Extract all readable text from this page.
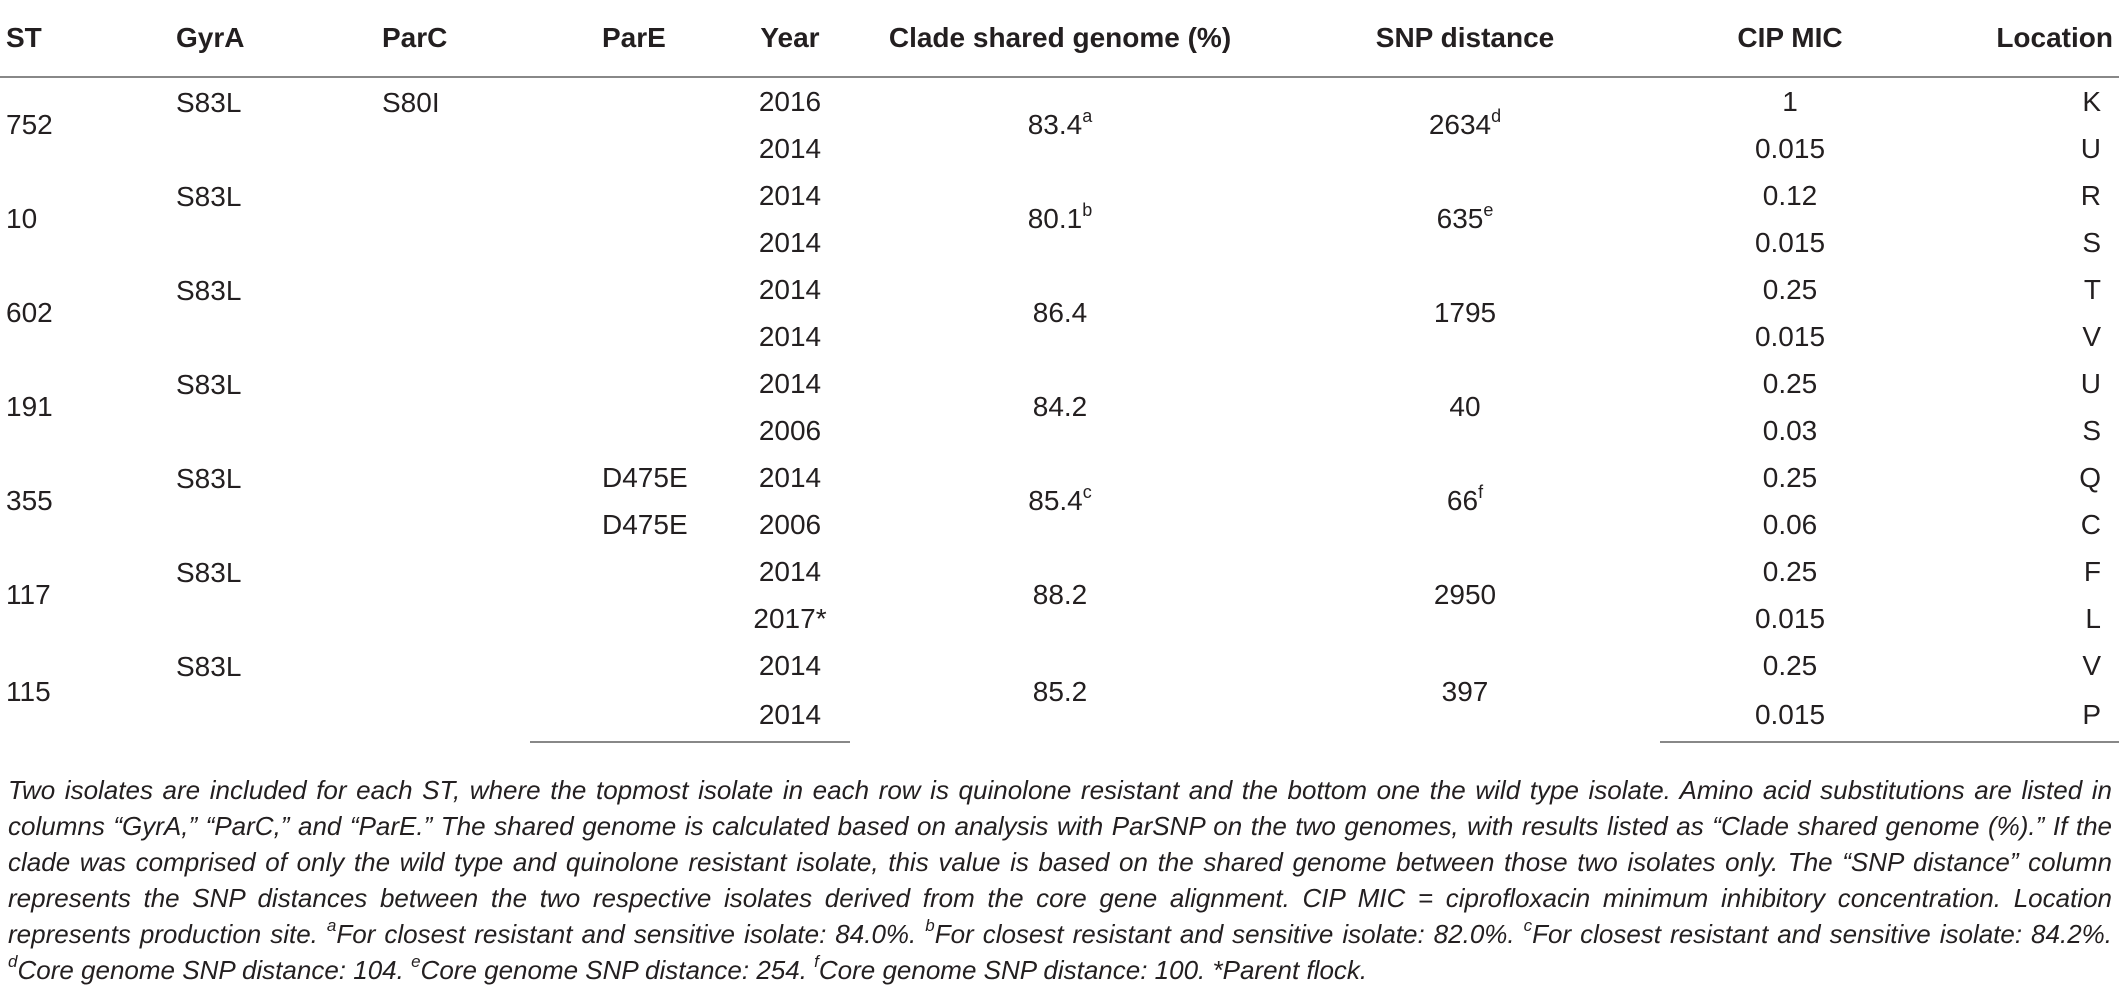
ST	GyrA	ParC	ParE	Year	Clade shared genome (%)	SNP distance	CIP MIC	Location
752	S83L	S80I		2016	83.4$^a$	2634$^d$	1	K
				2014			0.015	U
10	S83L			2014	80.1$^b$	635e	0.12	R
				2014			0.015	S
602	S83L			2014	86.4	1795	0.25	T
				2014			0.015	V
191	S83L			2014	84.2	40	0.25	U
				2006			0.03	S
355	S83L		D475E	2014	85.4$^c$	66$^f$	0.25	Q
			D475E	2006			0.06	C
117	S83L			2014	88.2	2950	0.25	F
				2017*			0.015	L
115	S83L			2014	85.2	397	0.25	V
				2014			0.015	P

Two isolates are included for each ST, where the topmost isolate in each row is quinolone resistant and the bottom one the wild type isolate. Amino acid substitutions are listed in columns “GyrA,” “ParC,” and “ParE.” The shared genome is calculated based on analysis with ParSNP on the two genomes, with results listed as “Clade shared genome (%).” If the clade was comprised of only the wild type and quinolone resistant isolate, this value is based on the shared genome between those two isolates only. The “SNP distance” column represents the SNP distances between the two respective isolates derived from the core gene alignment. CIP MIC = ciprofloxacin minimum inhibitory concentration. Location represents production site. $^a$For closest resistant and sensitive isolate: 84.0%. $^b$For closest resistant and sensitive isolate: 82.0%. $^c$For closest resistant and sensitive isolate: 84.2%. $^d$Core genome SNP distance: 104. $^e$Core genome SNP distance: 254. $^f$Core genome SNP distance: 100. *Parent flock.
